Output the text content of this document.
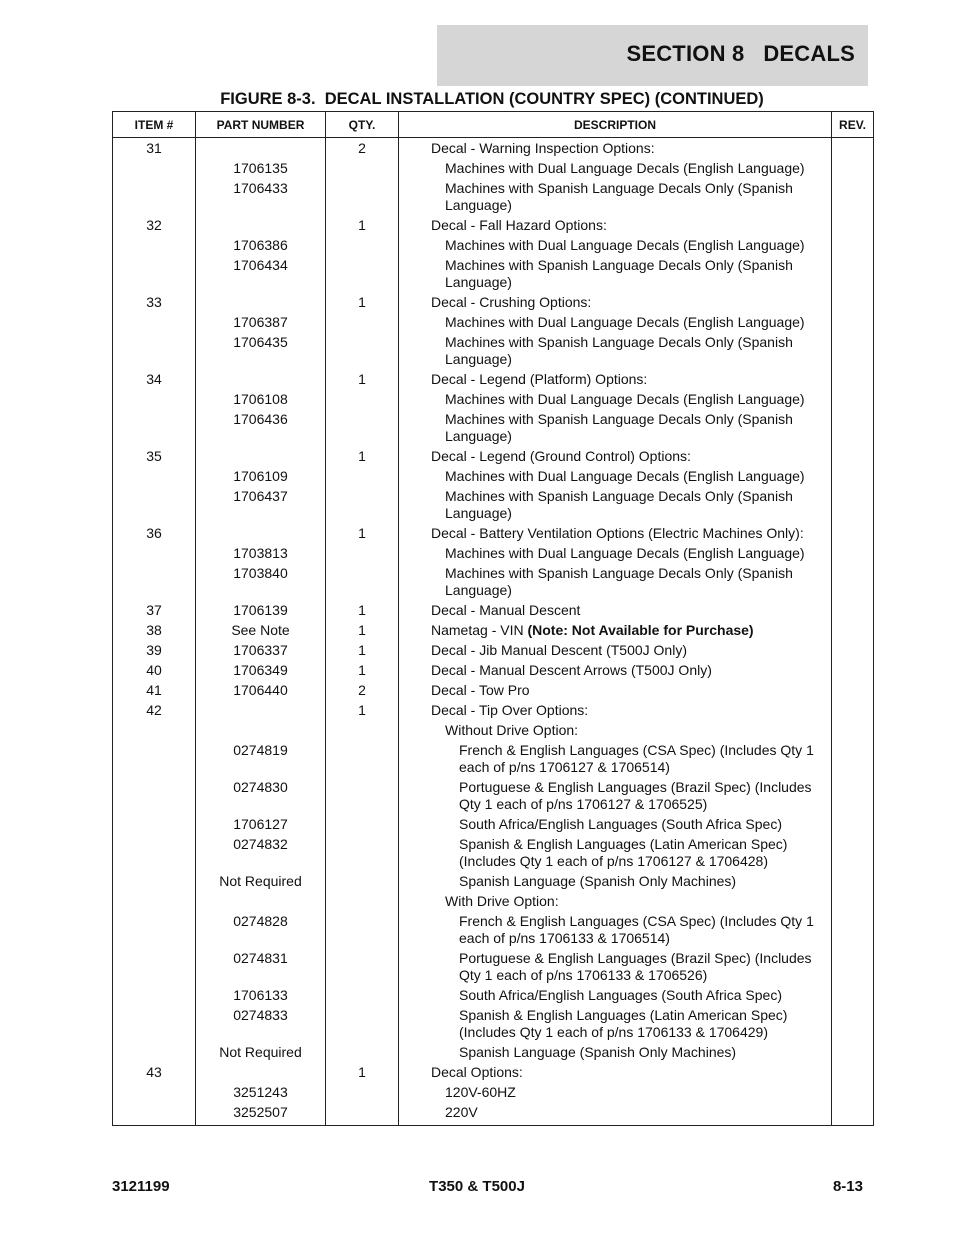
SECTION 8   DECALS
FIGURE 8-3.  DECAL INSTALLATION (COUNTRY SPEC) (CONTINUED)
ITEM #	PART NUMBER	QTY.	DESCRIPTION	REV.
31		2	Decal - Warning Inspection Options:	
	1706135		Machines with Dual Language Decals (English Language)	
	1706433		Machines with Spanish Language Decals Only (Spanish Language)	
32		1	Decal - Fall Hazard Options:	
	1706386		Machines with Dual Language Decals (English Language)	
	1706434		Machines with Spanish Language Decals Only (Spanish Language)	
33		1	Decal - Crushing Options:	
	1706387		Machines with Dual Language Decals (English Language)	
	1706435		Machines with Spanish Language Decals Only (Spanish Language)	
34		1	Decal - Legend (Platform) Options:	
	1706108		Machines with Dual Language Decals (English Language)	
	1706436		Machines with Spanish Language Decals Only (Spanish Language)	
35		1	Decal - Legend (Ground Control) Options:	
	1706109		Machines with Dual Language Decals (English Language)	
	1706437		Machines with Spanish Language Decals Only (Spanish Language)	
36		1	Decal - Battery Ventilation Options (Electric Machines Only):	
	1703813		Machines with Dual Language Decals (English Language)	
	1703840		Machines with Spanish Language Decals Only (Spanish Language)	
37	1706139	1	Decal - Manual Descent	
38	See Note	1	Nametag - VIN (Note: Not Available for Purchase)	
39	1706337	1	Decal - Jib Manual Descent (T500J Only)	
40	1706349	1	Decal - Manual Descent Arrows (T500J Only)	
41	1706440	2	Decal - Tow Pro	
42		1	Decal - Tip Over Options:	
			Without Drive Option:	
	0274819		French & English Languages (CSA Spec) (Includes Qty 1 each of p/ns 1706127 & 1706514)	
	0274830		Portuguese & English Languages (Brazil Spec) (Includes Qty 1 each of p/ns 1706127 & 1706525)	
	1706127		South Africa/English Languages (South Africa Spec)	
	0274832		Spanish & English Languages (Latin American Spec) (Includes Qty 1 each of p/ns 1706127 & 1706428)	
	Not Required		Spanish Language (Spanish Only Machines)	
			With Drive Option:	
	0274828		French & English Languages (CSA Spec) (Includes Qty 1 each of p/ns 1706133 & 1706514)	
	0274831		Portuguese & English Languages (Brazil Spec) (Includes Qty 1 each of p/ns 1706133 & 1706526)	
	1706133		South Africa/English Languages (South Africa Spec)	
	0274833		Spanish & English Languages (Latin American Spec) (Includes Qty 1 each of p/ns 1706133 & 1706429)	
	Not Required		Spanish Language (Spanish Only Machines)	
43		1	Decal Options:	
	3251243		120V-60HZ	
	3252507		220V	
3121199	T350 & T500J	8-13
